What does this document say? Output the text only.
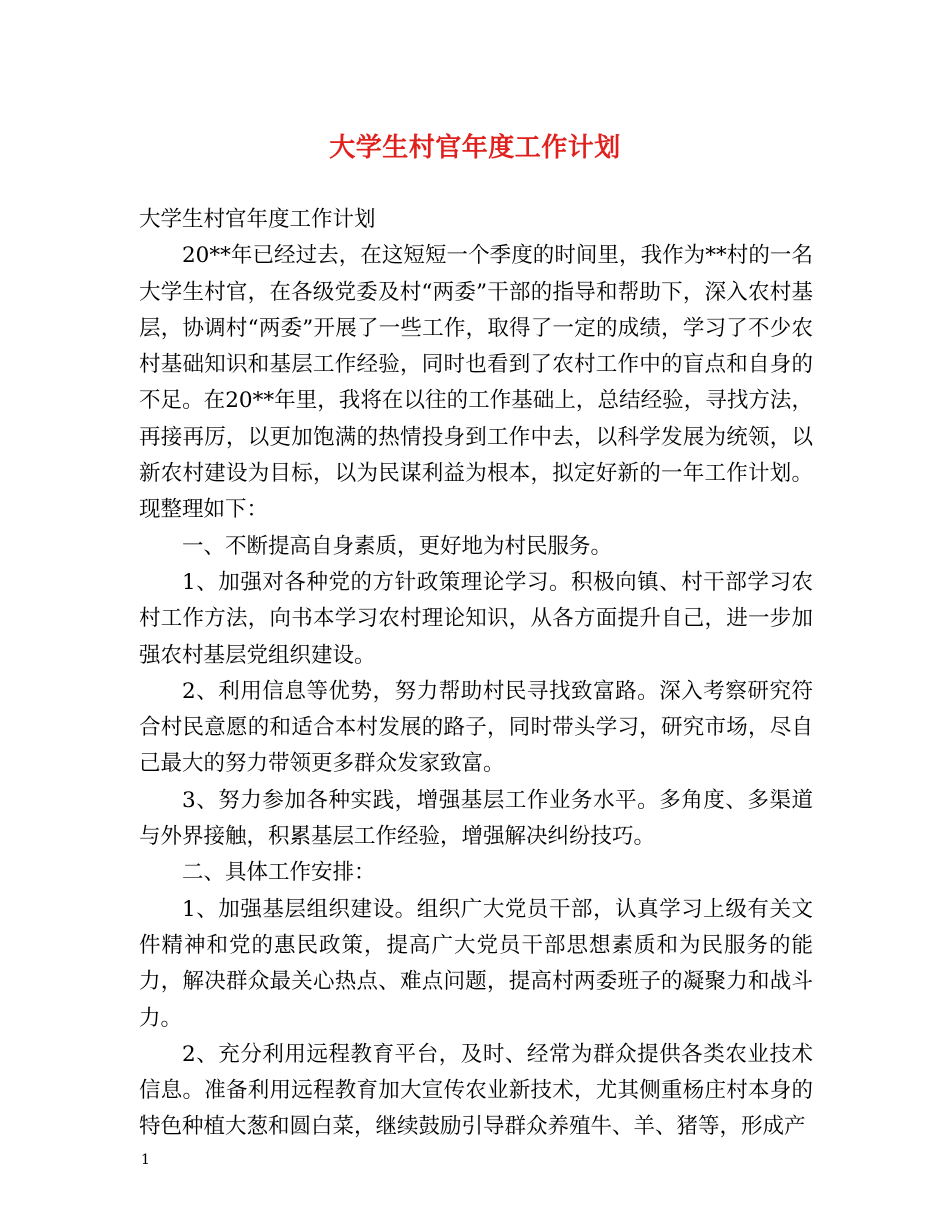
大学生村官年度工作计划

大学生村官年度工作计划

20**年已经过去，在这短短一个季度的时间里，我作为**村的一名大学生村官，在各级党委及村“两委”干部的指导和帮助下，深入农村基层，协调村“两委”开展了一些工作，取得了一定的成绩，学习了不少农村基础知识和基层工作经验，同时也看到了农村工作中的盲点和自身的不足。在20**年里，我将在以往的工作基础上，总结经验，寻找方法，再接再厉，以更加饱满的热情投身到工作中去，以科学发展为统领，以新农村建设为目标，以为民谋利益为根本，拟定好新的一年工作计划。现整理如下：

一、不断提高自身素质，更好地为村民服务。

1、加强对各种党的方针政策理论学习。积极向镇、村干部学习农村工作方法，向书本学习农村理论知识，从各方面提升自己，进一步加强农村基层党组织建设。

2、利用信息等优势，努力帮助村民寻找致富路。深入考察研究符合村民意愿的和适合本村发展的路子，同时带头学习，研究市场，尽自己最大的努力带领更多群众发家致富。

3、努力参加各种实践，增强基层工作业务水平。多角度、多渠道与外界接触，积累基层工作经验，增强解决纠纷技巧。

二、具体工作安排：

1、加强基层组织建设。组织广大党员干部，认真学习上级有关文件精神和党的惠民政策，提高广大党员干部思想素质和为民服务的能力，解决群众最关心热点、难点问题，提高村两委班子的凝聚力和战斗力。

2、充分利用远程教育平台，及时、经常为群众提供各类农业技术信息。准备利用远程教育加大宣传农业新技术，尤其侧重杨庄村本身的特色种植大葱和圆白菜，继续鼓励引导群众养殖牛、羊、猪等，形成产

1
